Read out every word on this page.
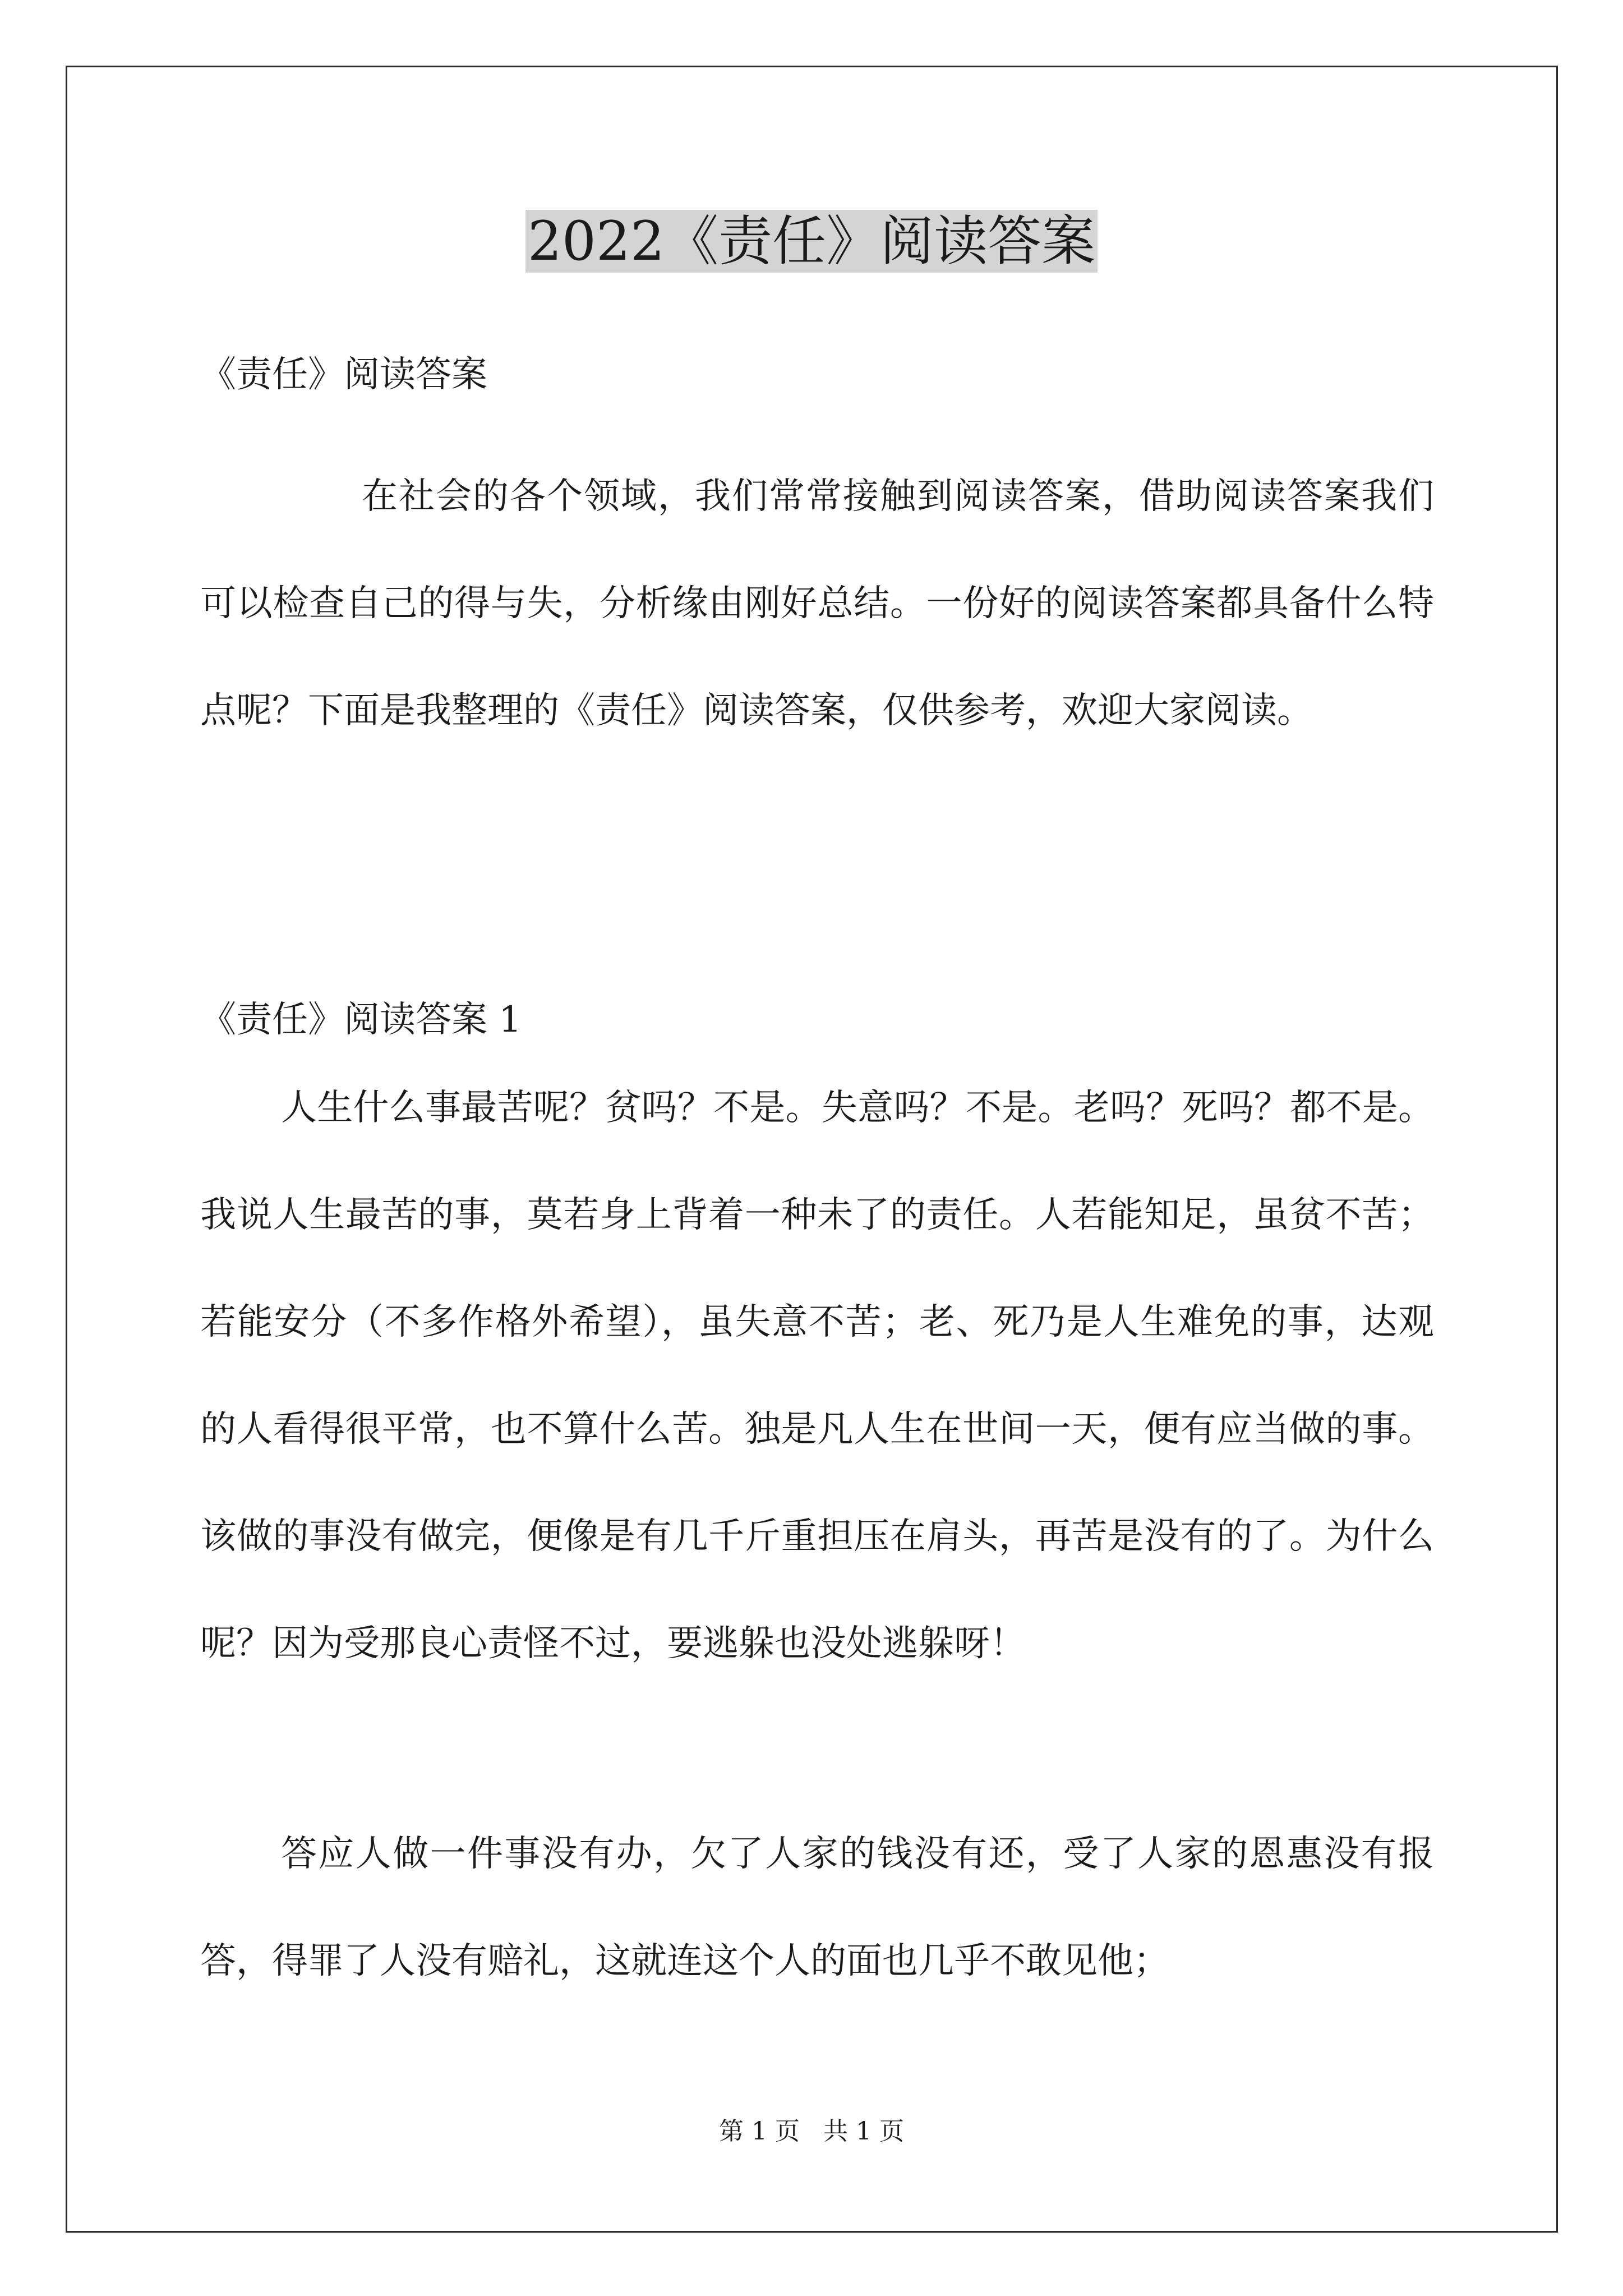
2022《责任》阅读答案

《责任》阅读答案

在社会的各个领域，我们常常接触到阅读答案，借助阅读答案我们可以检查自己的得与失，分析缘由刚好总结。一份好的阅读答案都具备什么特点呢？下面是我整理的《责任》阅读答案，仅供参考，欢迎大家阅读。

《责任》阅读答案 1

人生什么事最苦呢？贫吗？不是。失意吗？不是。老吗？死吗？都不是。我说人生最苦的事，莫若身上背着一种未了的责任。人若能知足，虽贫不苦；若能安分（不多作格外希望），虽失意不苦；老、死乃是人生难免的事，达观的人看得很平常，也不算什么苦。独是凡人生在世间一天，便有应当做的事。该做的事没有做完，便像是有几千斤重担压在肩头，再苦是没有的了。为什么呢？因为受那良心责怪不过，要逃躲也没处逃躲呀！

答应人做一件事没有办，欠了人家的钱没有还，受了人家的恩惠没有报答，得罪了人没有赔礼，这就连这个人的面也几乎不敢见他；

第 1 页 共 1 页
